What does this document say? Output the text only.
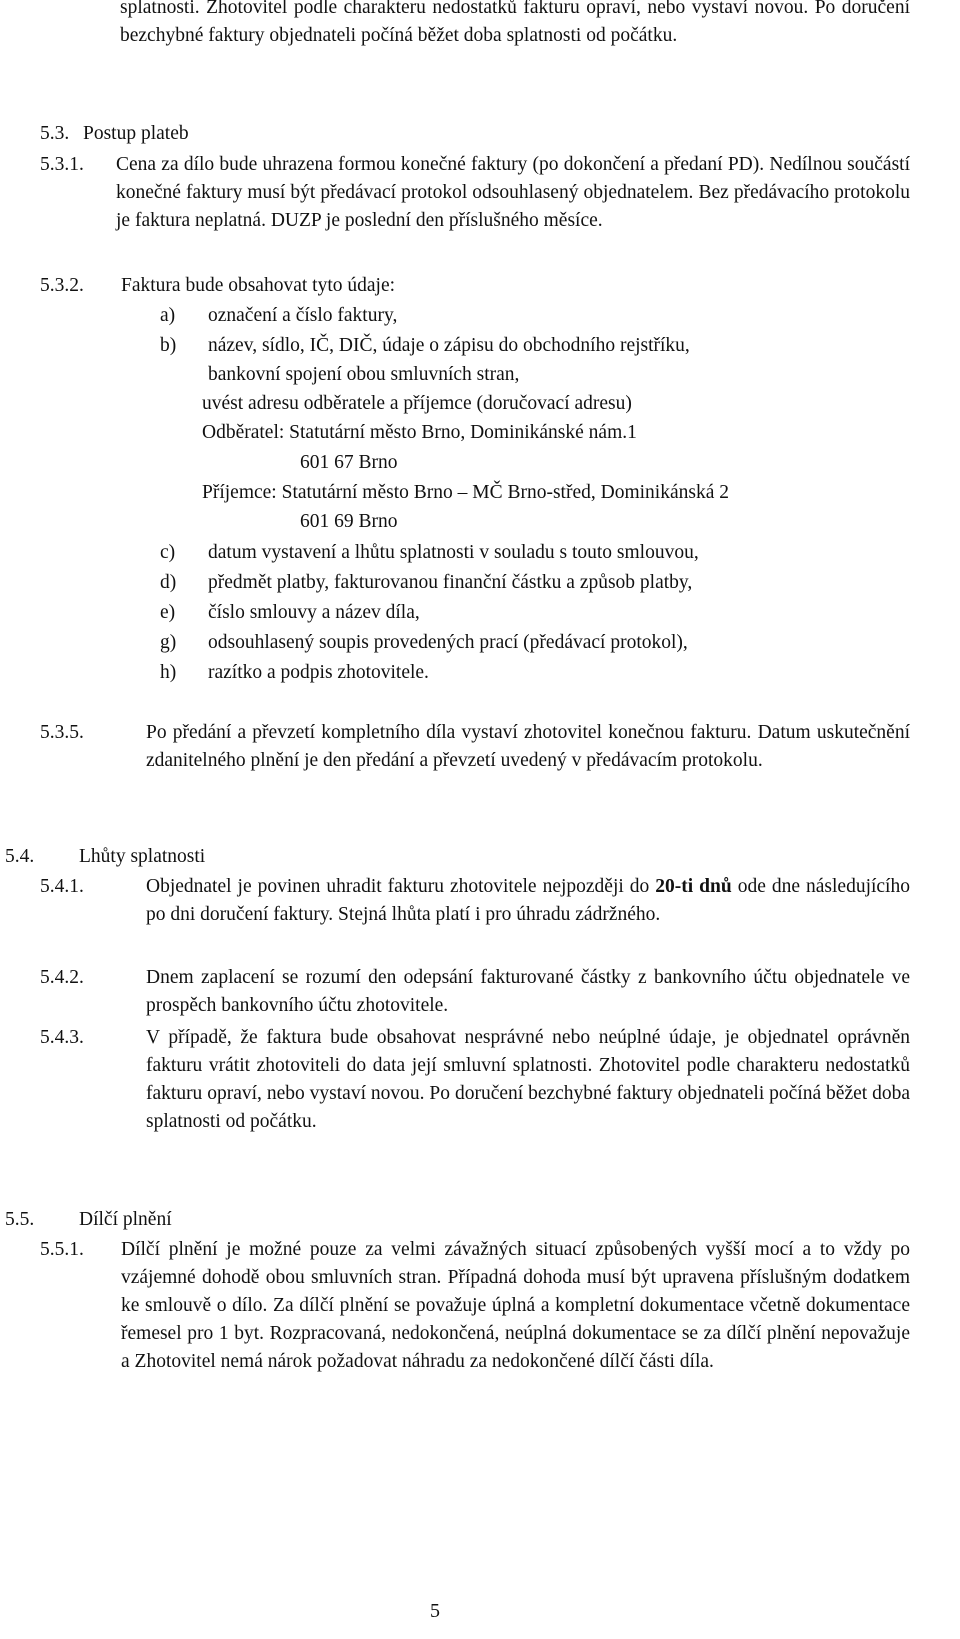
splatnosti. Zhotovitel podle charakteru nedostatků fakturu opraví, nebo vystaví novou. Po doručení bezchybné faktury objednateli počíná běžet doba splatnosti od počátku.
5.3. Postup plateb
5.3.1. Cena za dílo bude uhrazena formou konečné faktury (po dokončení a předaní PD). Nedílnou součástí konečné faktury musí být předávací protokol odsouhlasený objednatelem. Bez předávacího protokolu je faktura neplatná. DUZP je poslední den příslušného měsíce.
5.3.2. Faktura bude obsahovat tyto údaje:
a) označení a číslo faktury,
b) název, sídlo, IČ, DIČ, údaje o zápisu do obchodního rejstříku,
bankovní spojení obou smluvních stran,
uvést adresu odběratele a příjemce (doručovací adresu)
Odběratel: Statutární město Brno, Dominikánské nám.1
601 67 Brno
Příjemce: Statutární město Brno – MČ Brno-střed, Dominikánská 2
601 69 Brno
c) datum vystavení a lhůtu splatnosti v souladu s touto smlouvou,
d) předmět platby, fakturovanou finanční částku a způsob platby,
e) číslo smlouvy a název díla,
g) odsouhlasený soupis provedených prací (předávací protokol),
h) razítko a podpis zhotovitele.
5.3.5.	Po předání a převzetí kompletního díla vystaví zhotovitel konečnou fakturu. Datum uskutečnění zdanitelného plnění je den předání a převzetí uvedený v předávacím protokolu.
5.4. Lhůty splatnosti
5.4.1.	Objednatel je povinen uhradit fakturu zhotovitele nejpozději do 20-ti dnů ode dne následujícího po dni doručení faktury. Stejná lhůta platí i pro úhradu zádržného.
5.4.2.	Dnem zaplacení se rozumí den odepsání fakturované částky z bankovního účtu objednatele ve prospěch bankovního účtu zhotovitele.
5.4.3.	V případě, že faktura bude obsahovat nesprávné nebo neúplné údaje, je objednatel oprávněn fakturu vrátit zhotoviteli do data její smluvní splatnosti. Zhotovitel podle charakteru nedostatků fakturu opraví, nebo vystaví novou. Po doručení bezchybné faktury objednateli počíná běžet doba splatnosti od počátku.
5.5. Dílčí plnění
5.5.1. Dílčí plnění je možné pouze za velmi závažných situací způsobených vyšší mocí a to vždy po vzájemné dohodě obou smluvních stran. Případná dohoda musí být upravena příslušným dodatkem ke smlouvě o dílo. Za dílčí plnění se považuje úplná a kompletní dokumentace včetně dokumentace řemesel pro 1 byt. Rozpracovaná, nedokončená, neúplná dokumentace se za dílčí plnění nepovažuje a Zhotovitel nemá nárok požadovat náhradu za nedokončené dílčí části díla.
5
